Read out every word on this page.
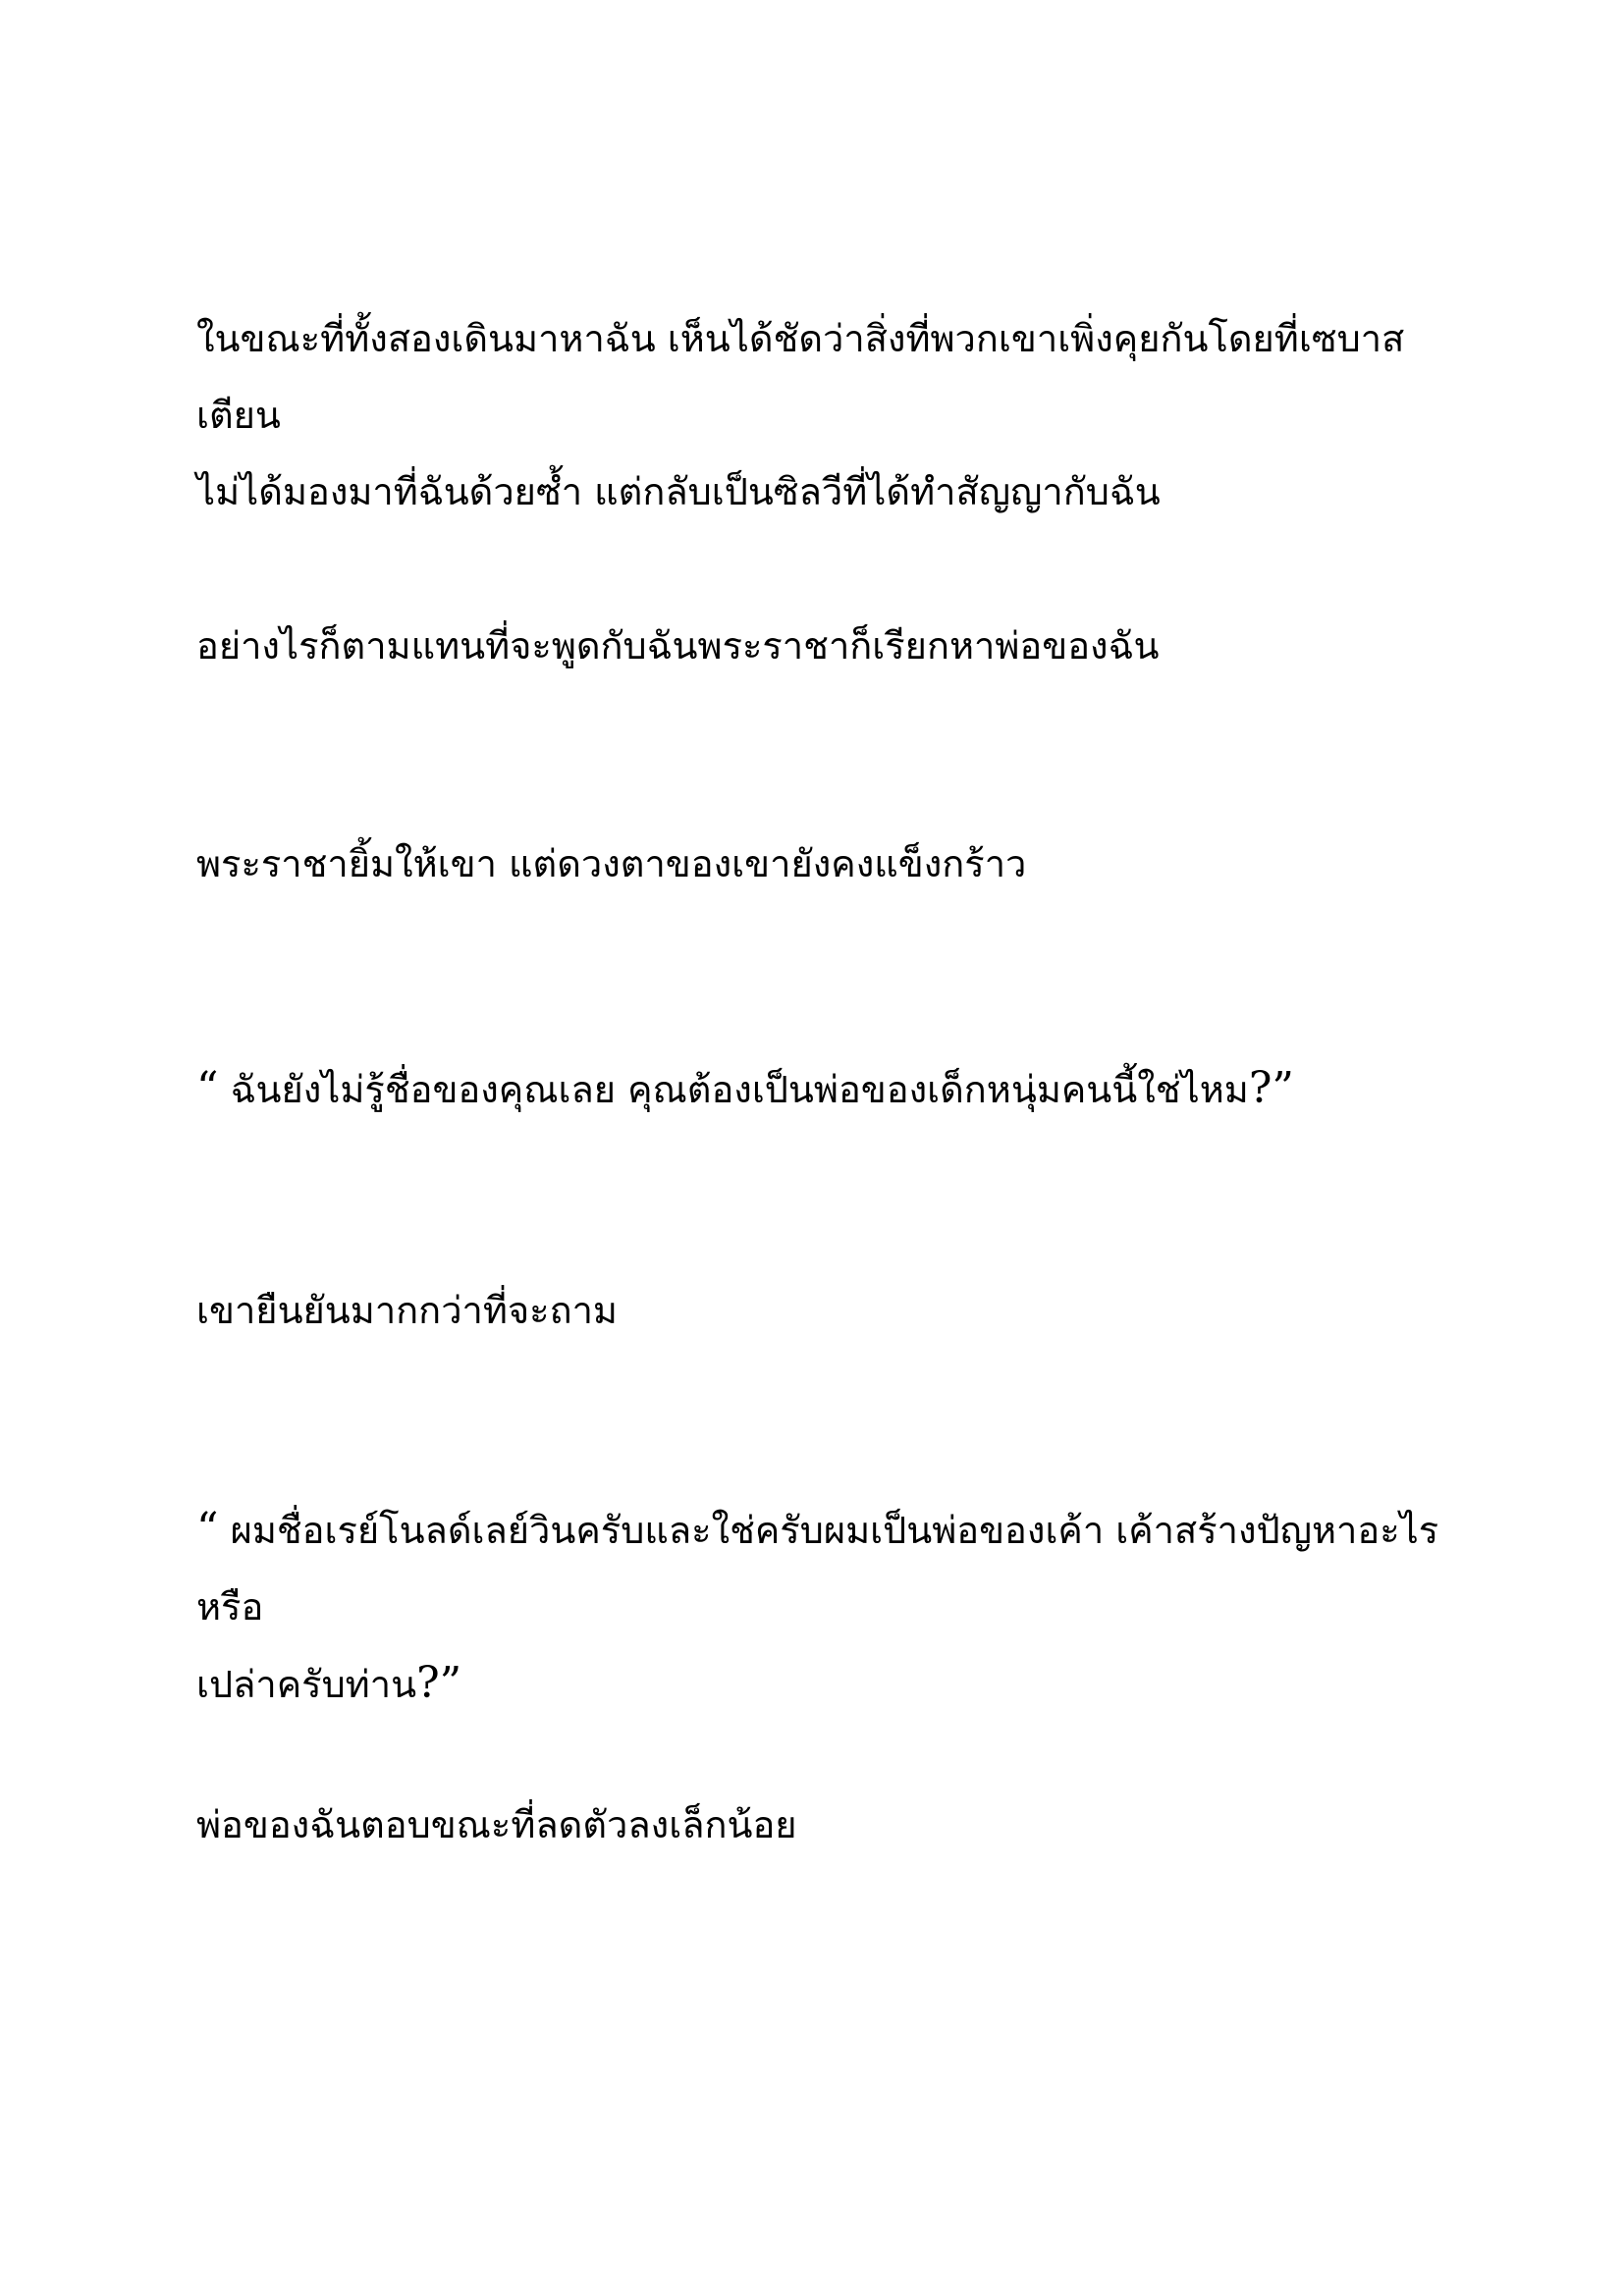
ในขณะที่ทั้งสองเดินมาหาฉัน เห็นได้ชัดว่าสิ่งที่พวกเขาเพิ่งคุยกันโดยที่เซบาสเตียน
ไม่ได้มองมาที่ฉันด้วยซ้ำ แต่กลับเป็นซิลวีที่ได้ทำสัญญากับฉัน

อย่างไรก็ตามแทนที่จะพูดกับฉันพระราชาก็เรียกหาพ่อของฉัน

พระราชายิ้มให้เขา แต่ดวงตาของเขายังคงแข็งกร้าว

“ ฉันยังไม่รู้ชื่อของคุณเลย คุณต้องเป็นพ่อของเด็กหนุ่มคนนี้ใช่ไหม?”

เขายืนยันมากกว่าที่จะถาม

“ ผมชื่อเรย์โนลด์เลย์วินครับและใช่ครับผมเป็นพ่อของเค้า เค้าสร้างปัญหาอะไรหรือ
เปล่าครับท่าน?”

พ่อของฉันตอบขณะที่ลดตัวลงเล็กน้อย
